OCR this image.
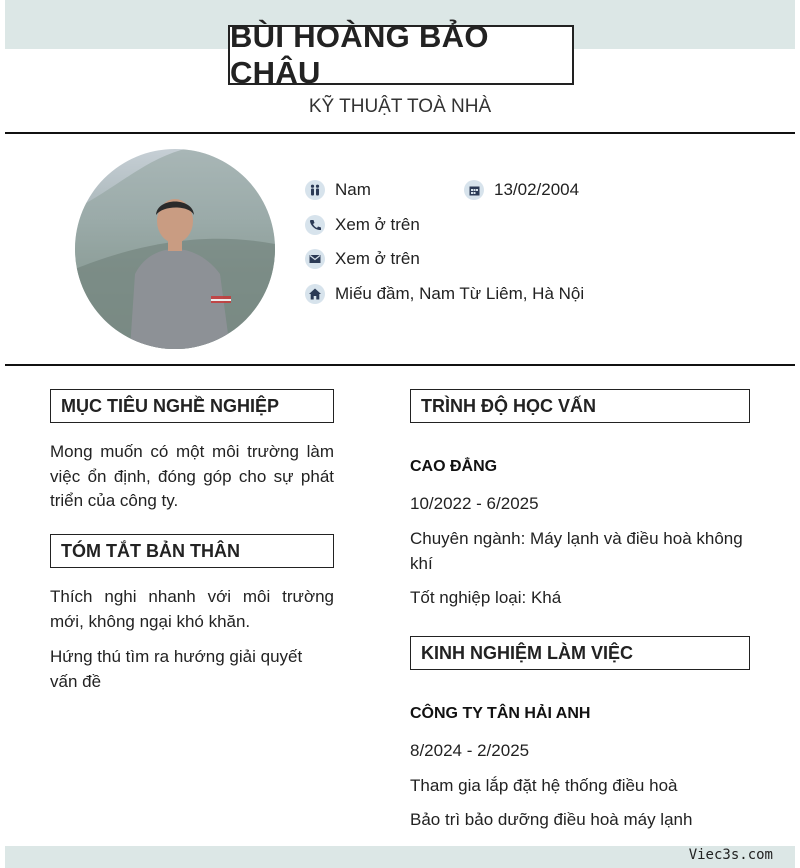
BÙI HOÀNG BẢO CHÂU
KỸ THUẬT TOÀ NHÀ
Nam	13/02/2004
Xem ở trên
Xem ở trên
Miếu đầm, Nam Từ Liêm, Hà Nội
MỤC TIÊU NGHỀ NGHIỆP
Mong muốn có một môi trường làm việc ổn định, đóng góp cho sự phát triển của công ty.
TÓM TẮT BẢN THÂN
Thích nghi nhanh với môi trường mới, không ngại khó khăn.
Hứng thú tìm ra hướng giải quyết vấn đề
TRÌNH ĐỘ HỌC VẤN
CAO ĐẲNG
10/2022 - 6/2025
Chuyên ngành: Máy lạnh và điều hoà không khí
Tốt nghiệp loại: Khá
KINH NGHIỆM LÀM VIỆC
CÔNG TY TÂN HẢI ANH
8/2024 - 2/2025
Tham gia lắp đặt hệ thống điều hoà
Bảo trì bảo dưỡng điều hoà máy lạnh
Viec3s.com
